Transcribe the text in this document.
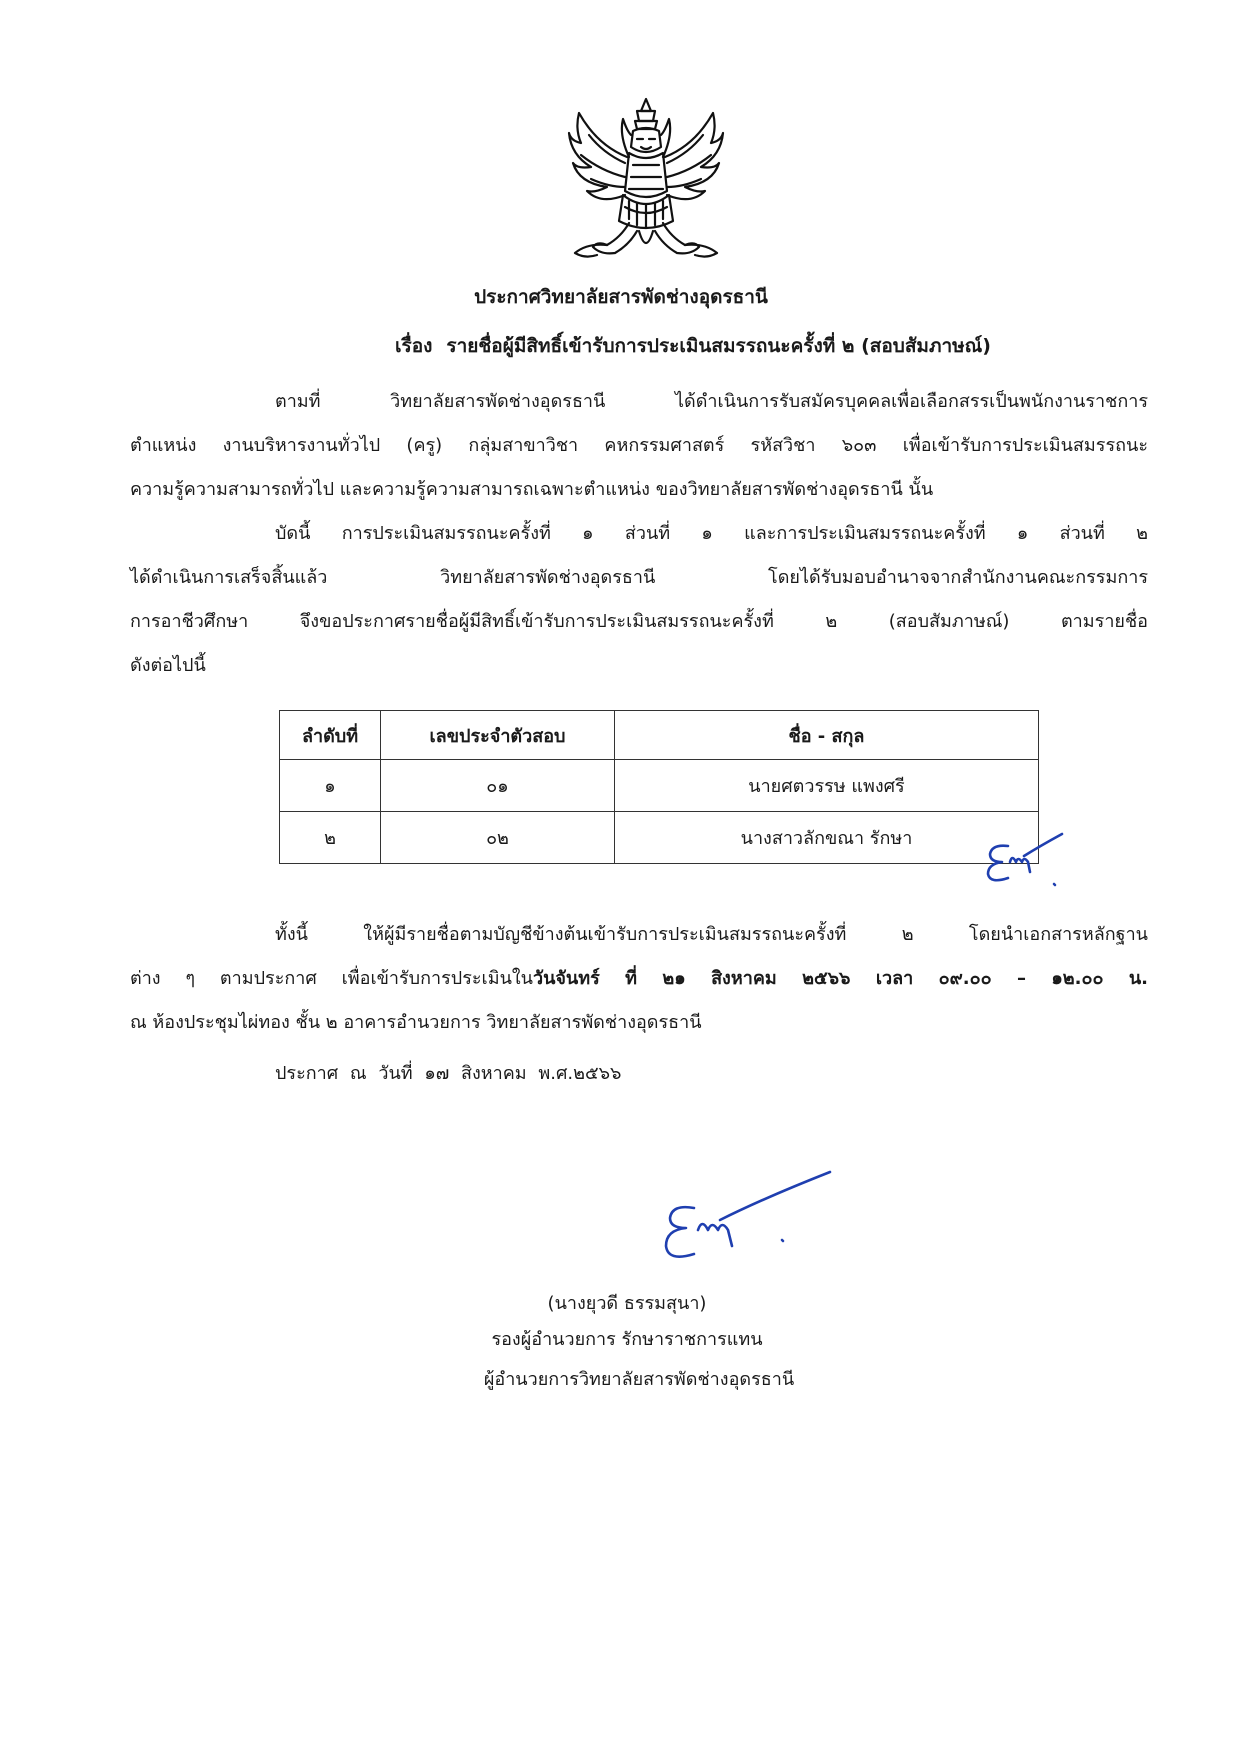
ประกาศวิทยาลัยสารพัดช่างอุดรธานี
เรื่อง รายชื่อผู้มีสิทธิ์เข้ารับการประเมินสมรรถนะครั้งที่ ๒ (สอบสัมภาษณ์)
ตามที่ วิทยาลัยสารพัดช่างอุดรธานี ได้ดำเนินการรับสมัครบุคคลเพื่อเลือกสรรเป็นพนักงานราชการ
ตำแหน่ง งานบริหารงานทั่วไป (ครู) กลุ่มสาขาวิชา คหกรรมศาสตร์ รหัสวิชา ๖๐๓ เพื่อเข้ารับการประเมินสมรรถนะ
ความรู้ความสามารถทั่วไป และความรู้ความสามารถเฉพาะตำแหน่ง ของวิทยาลัยสารพัดช่างอุดรธานี นั้น
บัดนี้ การประเมินสมรรถนะครั้งที่ ๑ ส่วนที่ ๑ และการประเมินสมรรถนะครั้งที่ ๑ ส่วนที่ ๒
ได้ดำเนินการเสร็จสิ้นแล้ว วิทยาลัยสารพัดช่างอุดรธานี โดยได้รับมอบอำนาจจากสำนักงานคณะกรรมการ
การอาชีวศึกษา จึงขอประกาศรายชื่อผู้มีสิทธิ์เข้ารับการประเมินสมรรถนะครั้งที่ ๒ (สอบสัมภาษณ์) ตามรายชื่อ
ดังต่อไปนี้
ลำดับที่	เลขประจำตัวสอบ	ชื่อ - สกุล
๑	๐๑	นายศตวรรษ แพงศรี
๒	๐๒	นางสาวลักขณา รักษา
ทั้งนี้ ให้ผู้มีรายชื่อตามบัญชีข้างต้นเข้ารับการประเมินสมรรถนะครั้งที่ ๒ โดยนำเอกสารหลักฐาน
ต่าง ๆ ตามประกาศ เพื่อเข้ารับการประเมินในวันจันทร์ ที่ ๒๑ สิงหาคม ๒๕๖๖ เวลา ๐๙.๐๐ – ๑๒.๐๐ น.
ณ ห้องประชุมไผ่ทอง ชั้น ๒ อาคารอำนวยการ วิทยาลัยสารพัดช่างอุดรธานี
ประกาศ ณ วันที่ ๑๗ สิงหาคม พ.ศ.๒๕๖๖
(นางยุวดี ธรรมสุนา)
รองผู้อำนวยการ รักษาราชการแทน
ผู้อำนวยการวิทยาลัยสารพัดช่างอุดรธานี
